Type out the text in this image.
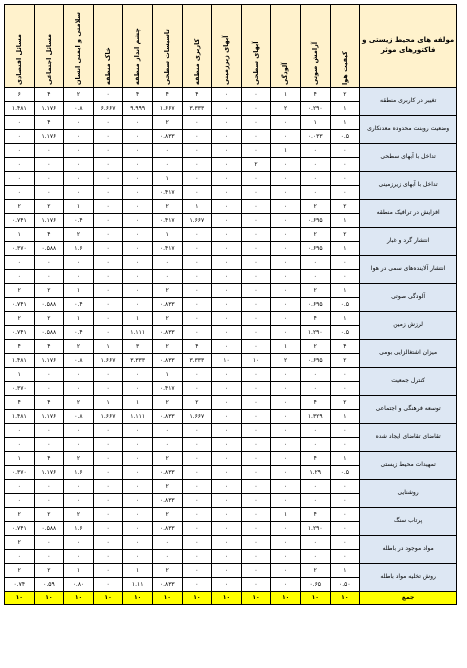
مولفه های محیط زیستی و فاکتورهای موثر	کیفیت هوا	آرامش صوتی	آلودگی	آبهای سطحی	آبهای زیرزمینی	کاربری منطقه	تاسیسات سطحی	چشم انداز منطقه	خاک منطقه	سلامتی و ایمنی انسان	مسائل اجتماعی	مسائل اقتصادی

تغییر در کاربری منطقه	۲	۴	۱	۰	۰	۴	۴	۴	۰	۲	۴	۶
	۱	۰.۲۹۰	۲	۰	۰	۳.۳۳۳	۱.۶۶۷	۹.۹۹۹	۶.۶۶۷	۰.۸	۱.۱۷۶	۱.۴۸۱
وضعیت روبنت محدوده معدنکاری	۱	۱	۰	۰	۰	۰	۲	۰	۰	۰	۴	۰
	۰.۵	۰.۰۳۳	۰	۰	۰	۰	۰.۸۳۳	۰	۰	۰	۱.۱۷۶	۰
تداخل با آبهای سطحی	۰	۰	۱	۰	۰	۰	۰	۰	۰	۰	۰	۰
	۰	۰	۰	۲	۰	۰	۰	۰	۰	۰	۰	۰
تداخل با آبهای زیرزمینی	۰	۰	۰	۰	۰	۰	۱	۰	۰	۰	۰	۰
	۰	۰	۰	۰	۰	۰	۰.۴۱۷	۰	۰	۰	۰	۰
افزایش در ترافیک منطقه	۲	۲	۰	۰	۰	۱	۲	۰	۰	۱	۲	۲
	۱	۰.۶۹۵	۰	۰	۰	۱.۶۶۷	۰.۴۱۷	۰	۰	۰.۴	۱.۱۷۶	۰.۷۴۱
انتشار گرد و غبار	۲	۲	۰	۰	۰	۰	۱	۰	۰	۲	۴	۱
	۱	۰.۶۹۵	۰	۰	۰	۰	۰.۴۱۷	۰	۰	۱.۶	۰.۵۸۸	۰.۳۷۰
انتشار آلاینده‌های سمی در هوا	۰	۰	۰	۰	۰	۰	۰	۰	۰	۰	۰	۰
	۰	۰	۰	۰	۰	۰	۰	۰	۰	۰	۰	۰
آلودگی صوتی	۱	۲	۰	۰	۰	۰	۲	۰	۰	۱	۲	۲
	۰.۵	۰.۶۹۵	۰	۰	۰	۰	۰.۸۳۳	۰	۰	۰.۴	۰.۵۸۸	۰.۷۴۱
لرزش زمین	۱	۴	۰	۰	۰	۰	۲	۱	۰	۱	۲	۲
	۰.۵	۱.۲۹۰	۰	۰	۰	۰	۰.۸۳۳	۱.۱۱۱	۰	۰.۴	۰.۵۸۸	۰.۷۴۱
میزان اشتغالزایی بومی	۴	۲	۱	۰	۰	۴	۲	۳	۱	۲	۴	۴
	۲	۰.۶۹۵	۲	۱۰	۱۰	۳.۳۳۳	۰.۸۳۳	۳.۳۳۳	۱.۶۶۷	۰.۸	۱.۱۷۶	۱.۴۸۱
کنترل جمعیت	۰	۰	۰	۰	۰	۰	۱	۰	۰	۰	۰	۱
	۰	۰	۰	۰	۰	۰	۰.۴۱۷	۰	۰	۰	۰	۰.۳۷۰
توسعه فرهنگی و اجتماعی	۲	۴	۰	۰	۰	۲	۲	۱	۱	۲	۴	۴
	۱	۱.۳۲۹	۰	۰	۰	۱.۶۶۷	۰.۸۳۳	۱.۱۱۱	۱.۶۶۷	۰.۸	۱.۱۷۶	۱.۴۸۱
تقاضای تقاضای ایجاد شده	۰	۰	۰	۰	۰	۰	۰	۰	۰	۰	۰	۰
	۰	۰	۰	۰	۰	۰	۰	۰	۰	۰	۰	۰
تمهیدات محیط زیستی	۱	۴	۰	۰	۰	۰	۲	۰	۰	۲	۴	۱
	۰.۵	۱.۲۹	۰	۰	۰	۰	۰.۸۳۳	۰	۰	۱.۶	۱.۱۷۶	۰.۳۷۰
روشنایی	۰	۰	۰	۰	۰	۰	۲	۰	۰	۰	۰	۰
	۰	۰	۰	۰	۰	۰	۰.۸۳۳	۰	۰	۰	۰	۰
پرتاب سنگ	۰	۴	۱	۰	۰	۰	۲	۰	۰	۲	۲	۲
	۰	۱.۲۹۰	۰	۰	۰	۰	۰.۸۳۳	۰	۰	۱.۶	۰.۵۸۸	۰.۷۴۱
مواد موجود در باطله	۰	۰	۰	۰	۰	۰	۰	۰	۰	۰	۰	۲
	۰	۰	۰	۰	۰	۰	۰	۰	۰	۰	۰	۰
روش تخلیه مواد باطله	۱	۲	۰	۰	۰	۰	۲	۱	۰	۱	۲	۲
	۰.۵۰	۰.۶۵	۰	۰	۰	۰	۰.۸۳۳	۱.۱۱	۰	۰.۸۰	۰.۵۹	۰.۷۴
جمع	۱۰	۱۰	۱۰	۱۰	۱۰	۱۰	۱۰	۱۰	۱۰	۱۰	۱۰	۱۰
